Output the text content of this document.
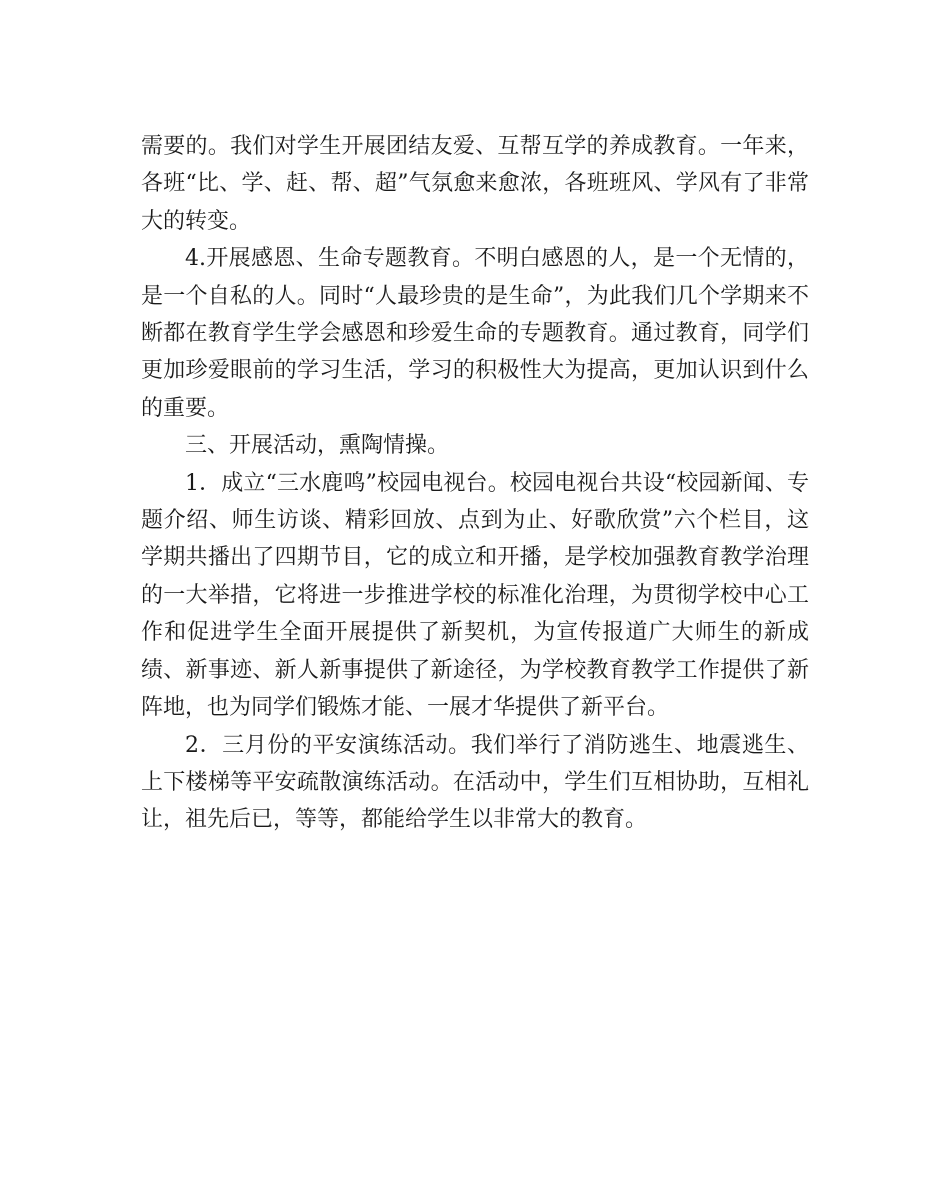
需要的。我们对学生开展团结友爱、互帮互学的养成教育。一年来，各班“比、学、赶、帮、超”气氛愈来愈浓，各班班风、学风有了非常大的转变。

4.开展感恩、生命专题教育。不明白感恩的人，是一个无情的，是一个自私的人。同时“人最珍贵的是生命”，为此我们几个学期来不断都在教育学生学会感恩和珍爱生命的专题教育。通过教育，同学们更加珍爱眼前的学习生活，学习的积极性大为提高，更加认识到什么的重要。

三、开展活动，熏陶情操。

1．成立“三水鹿鸣”校园电视台。校园电视台共设“校园新闻、专题介绍、师生访谈、精彩回放、点到为止、好歌欣赏”六个栏目，这学期共播出了四期节目，它的成立和开播，是学校加强教育教学治理的一大举措，它将进一步推进学校的标准化治理，为贯彻学校中心工作和促进学生全面开展提供了新契机，为宣传报道广大师生的新成绩、新事迹、新人新事提供了新途径，为学校教育教学工作提供了新阵地，也为同学们锻炼才能、一展才华提供了新平台。

2．三月份的平安演练活动。我们举行了消防逃生、地震逃生、上下楼梯等平安疏散演练活动。在活动中，学生们互相协助，互相礼让，祖先后已，等等，都能给学生以非常大的教育。
